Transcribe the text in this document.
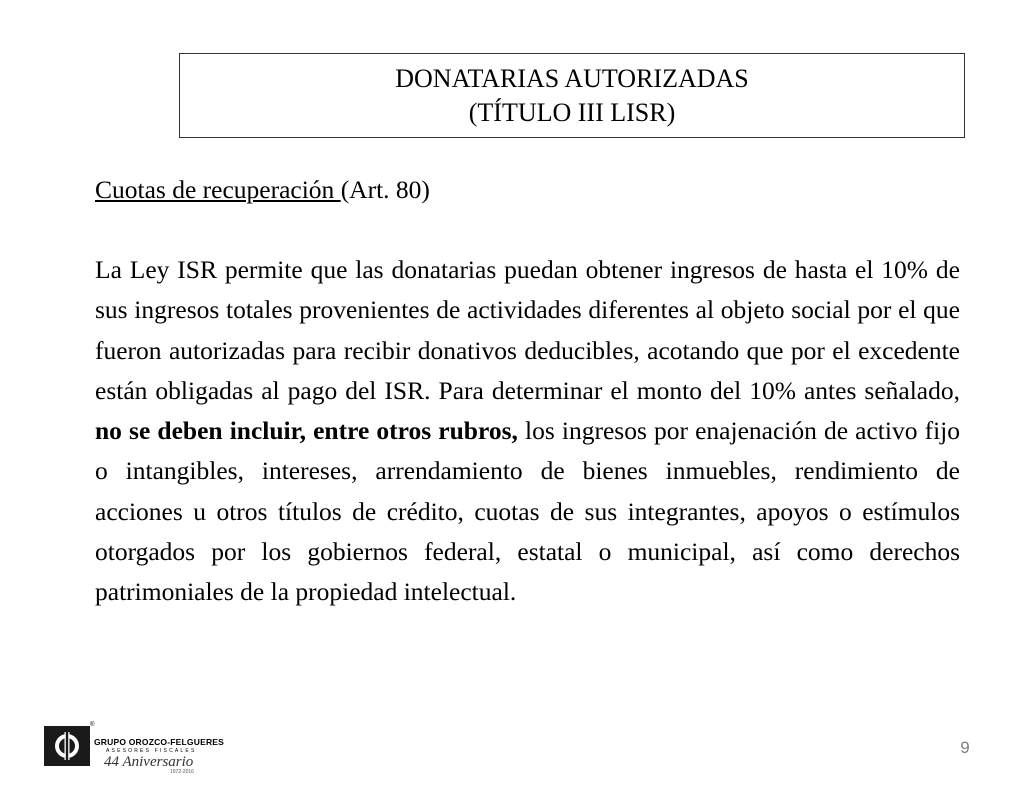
DONATARIAS AUTORIZADAS
(TÍTULO III LISR)
Cuotas de recuperación (Art. 80)
La Ley ISR permite que las donatarias puedan obtener ingresos de hasta el 10% de sus ingresos totales provenientes de actividades diferentes al objeto social por el que fueron autorizadas para recibir donativos deducibles, acotando que por el excedente están obligadas al pago del ISR. Para determinar el monto del 10% antes señalado, no se deben incluir, entre otros rubros, los ingresos por enajenación de activo fijo o intangibles, intereses, arrendamiento de bienes inmuebles, rendimiento de acciones u otros títulos de crédito, cuotas de sus integrantes, apoyos o estímulos otorgados por los gobiernos federal, estatal o municipal, así como derechos patrimoniales de la propiedad intelectual.
®
GRUPO OROZCO-FELGUERES
ASESORES FISCALES
44 Aniversario
1972-2016
9
